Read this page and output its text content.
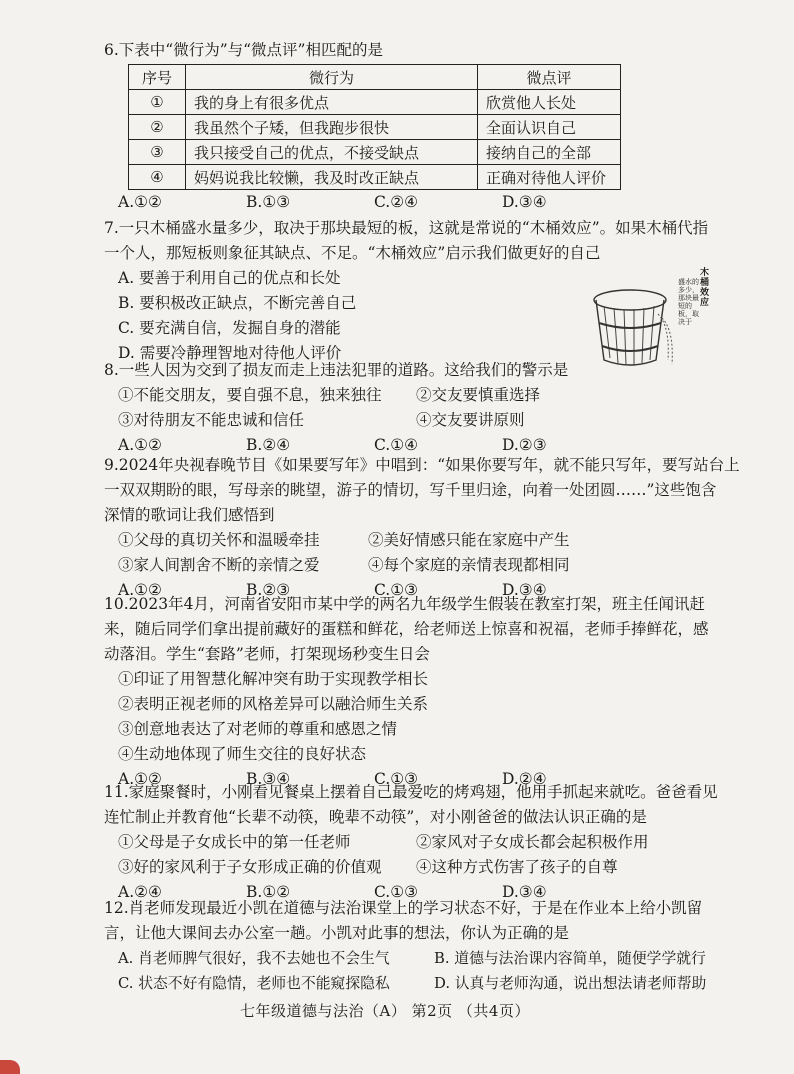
6.下表中“微行为”与“微点评”相匹配的是

序号	微行为	微点评
①	我的身上有很多优点	欣赏他人长处
②	我虽然个子矮，但我跑步很快	全面认识自己
③	我只接受自己的优点，不接受缺点	接纳自己的全部
④	妈妈说我比较懒，我及时改正缺点	正确对待他人评价
A.①②	B.①③	C.②④	D.③④

7.一只木桶盛水量多少，取决于那块最短的板，这就是常说的“木桶效应”。如果木桶代指

一个人，那短板则象征其缺点、不足。“木桶效应”启示我们做更好的自己

A. 要善于利用自己的优点和长处
B. 要积极改正缺点，不断完善自己
C. 要充满自信，发掘自身的潜能
D. 需要冷静理智地对待他人评价
木桶效应
盛水的多少，那块最短的板，取决于

8.一些人因为交到了损友而走上违法犯罪的道路。这给我们的警示是

①不能交朋友，要自强不息，独来独往	②交友要慎重选择
③对待朋友不能忠诚和信任	④交友要讲原则
A.①②	B.②④	C.①④	D.②③

9.2024年央视春晚节目《如果要写年》中唱到：“如果你要写年，就不能只写年，要写站台上

一双双期盼的眼，写母亲的眺望，游子的情切，写千里归途，向着一处团圆……”这些饱含

深情的歌词让我们感悟到

①父母的真切关怀和温暖牵挂	②美好情感只能在家庭中产生
③家人间割舍不断的亲情之爱	④每个家庭的亲情表现都相同
A.①②	B.②③	C.①③	D.③④

10.2023年4月，河南省安阳市某中学的两名九年级学生假装在教室打架，班主任闻讯赶

来，随后同学们拿出提前藏好的蛋糕和鲜花，给老师送上惊喜和祝福，老师手捧鲜花，感

动落泪。学生“套路”老师，打架现场秒变生日会

①印证了用智慧化解冲突有助于实现教学相长
②表明正视老师的风格差异可以融洽师生关系
③创意地表达了对老师的尊重和感恩之情
④生动地体现了师生交往的良好状态
A.①②	B.③④	C.①③	D.②④

11.家庭聚餐时，小刚看见餐桌上摆着自己最爱吃的烤鸡翅，他用手抓起来就吃。爸爸看见

连忙制止并教育他“长辈不动筷，晚辈不动筷”，对小刚爸爸的做法认识正确的是

①父母是子女成长中的第一任老师	②家风对子女成长都会起积极作用
③好的家风利于子女形成正确的价值观	④这种方式伤害了孩子的自尊
A.②④	B.①②	C.①③	D.③④

12.肖老师发现最近小凯在道德与法治课堂上的学习状态不好，于是在作业本上给小凯留

言，让他大课间去办公室一趟。小凯对此事的想法，你认为正确的是

A. 肖老师脾气很好，我不去她也不会生气	B. 道德与法治课内容简单，随便学学就行
C. 状态不好有隐情，老师也不能窥探隐私	D. 认真与老师沟通，说出想法请老师帮助
七年级道德与法治（A） 第2页 （共4页）
